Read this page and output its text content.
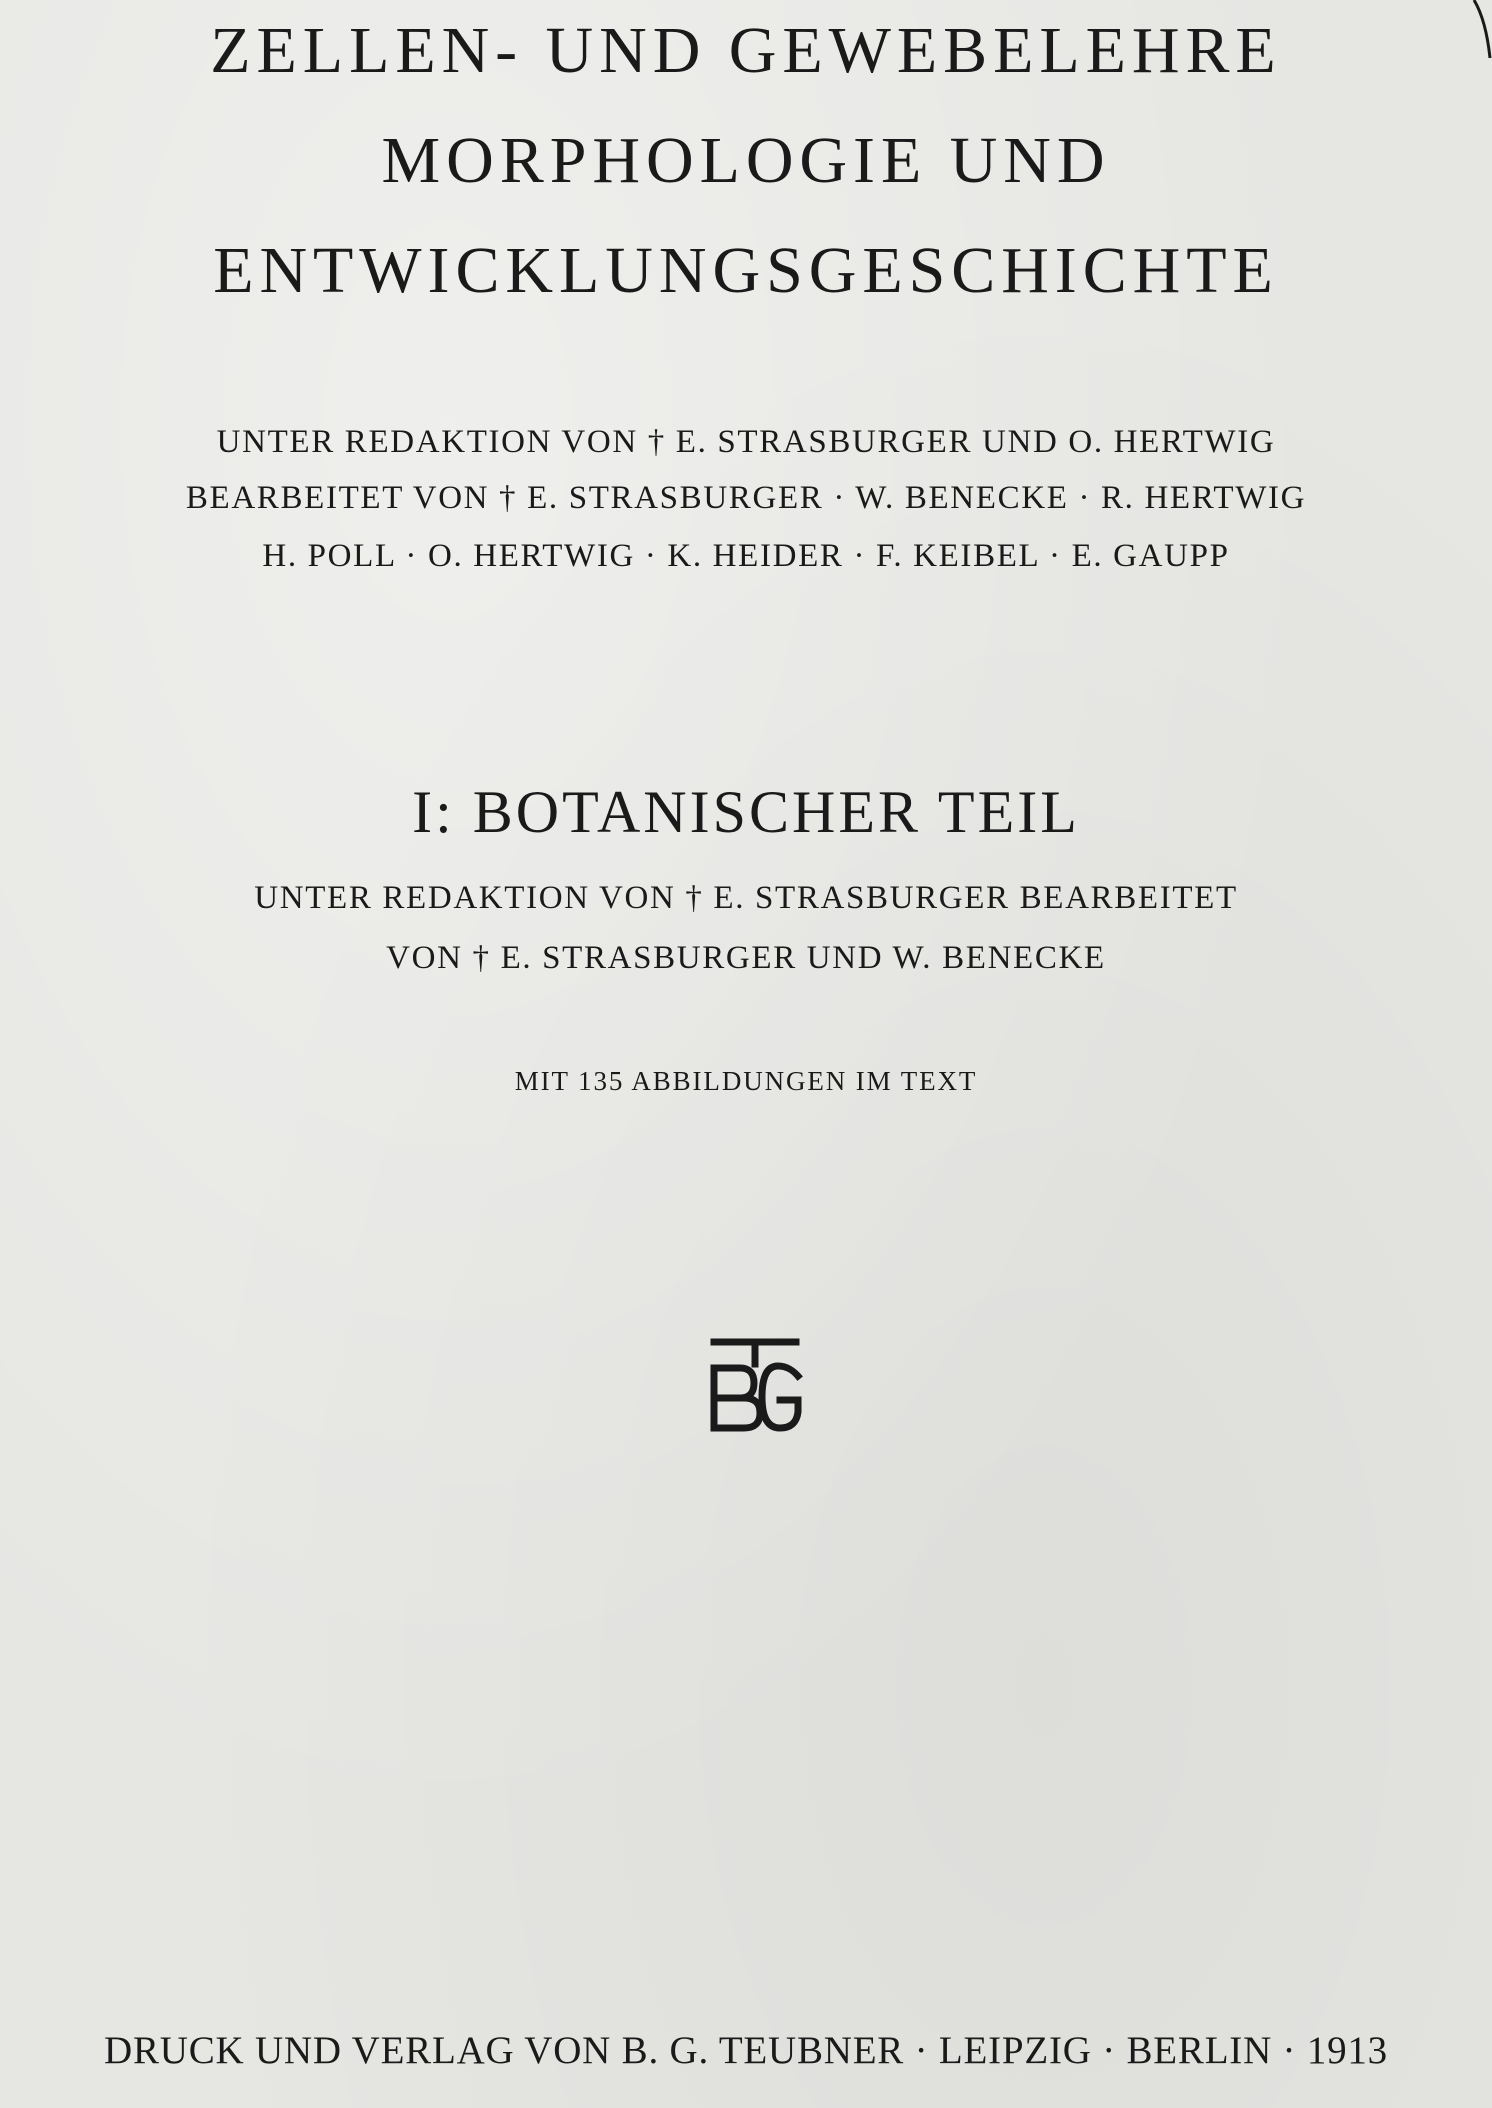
ZELLEN- UND GEWEBELEHRE
MORPHOLOGIE UND
ENTWICKLUNGSGESCHICHTE
UNTER REDAKTION VON † E. STRASBURGER UND O. HERTWIG
BEARBEITET VON † E. STRASBURGER · W. BENECKE · R. HERTWIG
H. POLL · O. HERTWIG · K. HEIDER · F. KEIBEL · E. GAUPP
I: BOTANISCHER TEIL
UNTER REDAKTION VON † E. STRASBURGER BEARBEITET
VON † E. STRASBURGER UND W. BENECKE
MIT 135 ABBILDUNGEN IM TEXT
DRUCK UND VERLAG VON B. G. TEUBNER · LEIPZIG · BERLIN · 1913
